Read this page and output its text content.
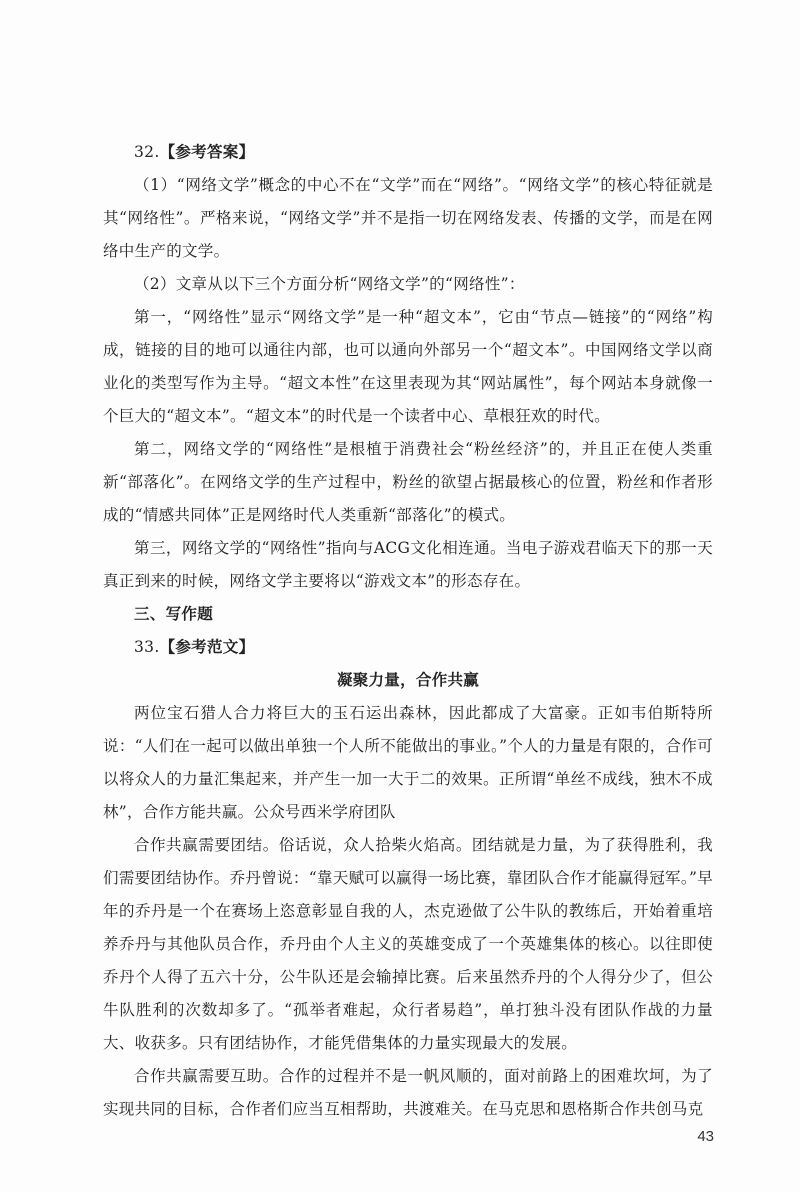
32.【参考答案】

（1）“网络文学”概念的中心不在“文学”而在“网络”。“网络文学”的核心特征就是其“网络性”。严格来说，“网络文学”并不是指一切在网络发表、传播的文学，而是在网络中生产的文学。

（2）文章从以下三个方面分析“网络文学”的“网络性”：

第一，“网络性”显示“网络文学”是一种“超文本”，它由“节点—链接”的“网络”构成，链接的目的地可以通往内部，也可以通向外部另一个“超文本”。中国网络文学以商业化的类型写作为主导。“超文本性”在这里表现为其“网站属性”，每个网站本身就像一个巨大的“超文本”。“超文本”的时代是一个读者中心、草根狂欢的时代。

第二，网络文学的“网络性”是根植于消费社会“粉丝经济”的，并且正在使人类重新“部落化”。在网络文学的生产过程中，粉丝的欲望占据最核心的位置，粉丝和作者形成的“情感共同体”正是网络时代人类重新“部落化”的模式。

第三，网络文学的“网络性”指向与ACG文化相连通。当电子游戏君临天下的那一天真正到来的时候，网络文学主要将以“游戏文本”的形态存在。

三、写作题

33.【参考范文】

凝聚力量，合作共赢

两位宝石猎人合力将巨大的玉石运出森林，因此都成了大富豪。正如韦伯斯特所说：“人们在一起可以做出单独一个人所不能做出的事业。”个人的力量是有限的，合作可以将众人的力量汇集起来，并产生一加一大于二的效果。正所谓“单丝不成线，独木不成林”，合作方能共赢。公众号西米学府团队

合作共赢需要团结。俗话说，众人拾柴火焰高。团结就是力量，为了获得胜利，我们需要团结协作。乔丹曾说：“靠天赋可以赢得一场比赛，靠团队合作才能赢得冠军。”早年的乔丹是一个在赛场上恣意彰显自我的人，杰克逊做了公牛队的教练后，开始着重培养乔丹与其他队员合作，乔丹由个人主义的英雄变成了一个英雄集体的核心。以往即使乔丹个人得了五六十分，公牛队还是会输掉比赛。后来虽然乔丹的个人得分少了，但公牛队胜利的次数却多了。“孤举者难起，众行者易趋”，单打独斗没有团队作战的力量大、收获多。只有团结协作，才能凭借集体的力量实现最大的发展。

合作共赢需要互助。合作的过程并不是一帆风顺的，面对前路上的困难坎坷，为了实现共同的目标，合作者们应当互相帮助，共渡难关。在马克思和恩格斯合作共创马克

43
